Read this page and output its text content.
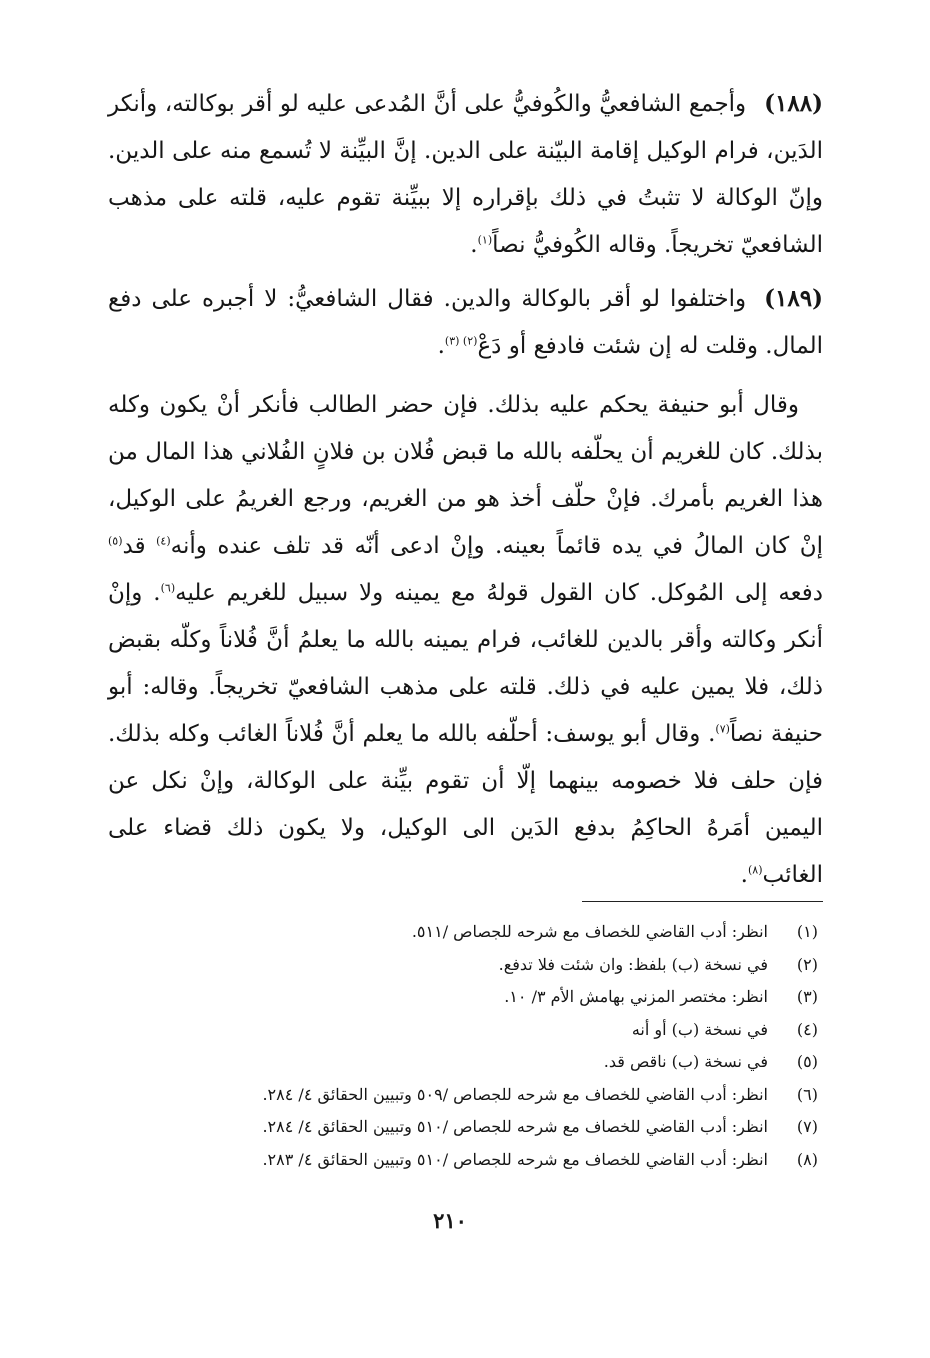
(١٨٨)وأجمع الشافعيُّ والكُوفيُّ على أنَّ المُدعى عليه لو أقر بوكالته، وأنكر الدَين، فرام الوكيل إقامة البيّنة على الدين. إنَّ البيِّنة لا تُسمع منه على الدين. وإنّ الوكالة لا تثبتُ في ذلك بإقراره إلا ببيِّنة تقوم عليه، قلته على مذهب الشافعيّ تخريجاً. وقاله الكُوفيُّ نصاً$^{(١)}$.

(١٨٩)واختلفوا لو أقر بالوكالة والدين. فقال الشافعيُّ: لا أجبره على دفع المال. وقلت له إن شئت فادفع أو دَعْ$^{(٢) (٣)}$.

وقال أبو حنيفة يحكم عليه بذلك. فإن حضر الطالب فأنكر أنْ يكون وكله بذلك. كان للغريم أن يحلّفه بالله ما قبض فُلان بن فلانٍ الفُلاني هذا المال من هذا الغريم بأمرك. فإنْ حلّف أخذ هو من الغريم، ورجع الغريمُ على الوكيل، إنْ كان المالُ في يده قائماً بعينه. وإنْ ادعى أنّه قد تلف عنده وأنه$^{(٤)}$ قد$^{(٥)}$ دفعه إلى المُوكل. كان القول قولهُ مع يمينه ولا سبيل للغريم عليه$^{(٦)}$. وإنْ أنكر وكالته وأقر بالدين للغائب، فرام يمينه بالله ما يعلمُ أنَّ فُلاناً وكلّه بقبض ذلك، فلا يمين عليه في ذلك. قلته على مذهب الشافعيّ تخريجاً. وقاله: أبو حنيفة نصاً$^{(٧)}$. وقال أبو يوسف: أحلّفه بالله ما يعلم أنَّ فُلاناً الغائب وكله بذلك. فإن حلف فلا خصومه بينهما إلّا أن تقوم بيِّنة على الوكالة، وإنْ نكل عن اليمين أمَرهُ الحاكِمُ بدفع الدَين الى الوكيل، ولا يكون ذلك قضاء على الغائب$^{(٨)}$.

(١)
انظر: أدب القاضي للخصاف مع شرحه للجصاص /٥١١.
(٢)
في نسخة (ب) بلفظ: وان شئت فلا تدفع.
(٣)
انظر: مختصر المزني بهامش الأم ٣/ ١٠.
(٤)
في نسخة (ب) أو أنه
(٥)
في نسخة (ب) ناقص قد.
(٦)
انظر: أدب القاضي للخصاف مع شرحه للجصاص /٥٠٩ وتبيين الحقائق ٤/ ٢٨٤.
(٧)
انظر: أدب القاضي للخصاف مع شرحه للجصاص /٥١٠ وتبيين الحقائق ٤/ ٢٨٤.
(٨)
انظر: أدب القاضي للخصاف مع شرحه للجصاص /٥١٠ وتبيين الحقائق ٤/ ٢٨٣.
٢١٠
